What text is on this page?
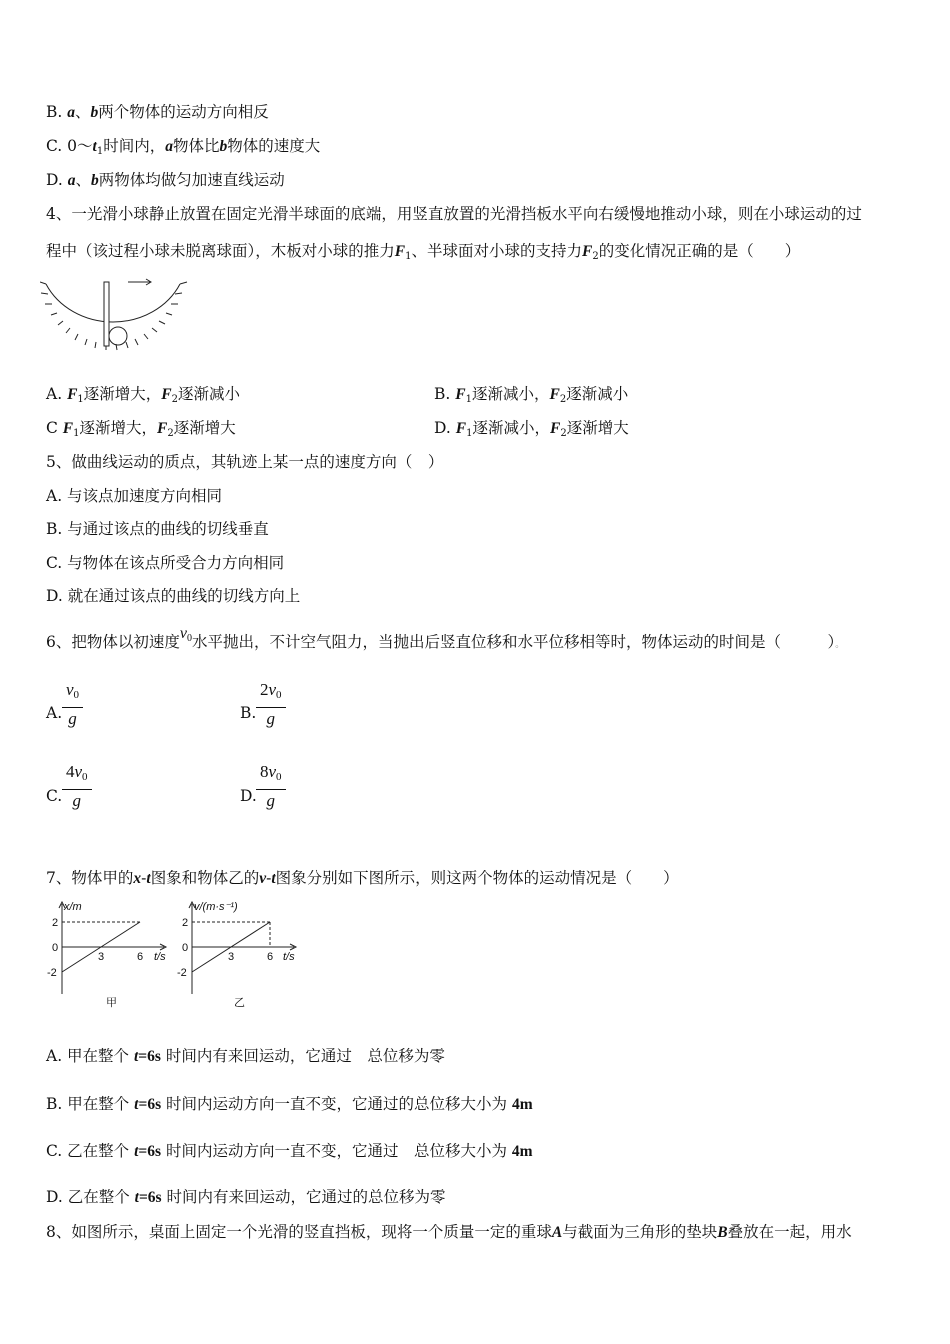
B. a、b两个物体的运动方向相反
C. $0\sim t_1$时间内，a物体比b物体的速度大
D. a、b两物体均做匀加速直线运动
4、一光滑小球静止放置在固定光滑半球面的底端，用竖直放置的光滑挡板水平向右缓慢地推动小球，则在小球运动的过
程中（该过程小球未脱离球面），木板对小球的推力$F_1$、半球面对小球的支持力$F_2$的变化情况正确的是（　　）
A. $F_1$逐渐增大，$F_2$逐渐减小	B. $F_1$逐渐减小，$F_2$逐渐减小
C $F_1$逐渐增大，$F_2$逐渐增大	D. $F_1$逐渐减小，$F_2$逐渐增大
5、做曲线运动的质点，其轨迹上某一点的速度方向（　）
A. 与该点加速度方向相同
B. 与通过该点的曲线的切线垂直
C. 与物体在该点所受合力方向相同
D. 就在通过该点的曲线的切线方向上
6、把物体以初速度$v_0$水平抛出，不计空气阻力，当抛出后竖直位移和水平位移相等时，物体运动的时间是（　　　）。
A. $\frac{v_0}{g}$	B. $\frac{2v_0}{g}$
C. $\frac{4v_0}{g}$	D. $\frac{8v_0}{g}$
7、物体甲的x-t图象和物体乙的v-t图象分别如下图所示，则这两个物体的运动情况是（　　）
x/m
2
0
-2
3	6 t/s
甲
v/(m·s⁻¹)
2
0
-2
3	6 t/s
乙
A. 甲在整个 t=6s 时间内有来回运动，它通过　总位移为零
B. 甲在整个 t=6s 时间内运动方向一直不变，它通过的总位移大小为 4m
C. 乙在整个 t=6s 时间内运动方向一直不变，它通过　总位移大小为 4m
D. 乙在整个 t=6s 时间内有来回运动，它通过的总位移为零
8、如图所示，桌面上固定一个光滑的竖直挡板，现将一个质量一定的重球A与截面为三角形的垫块B叠放在一起，用水
